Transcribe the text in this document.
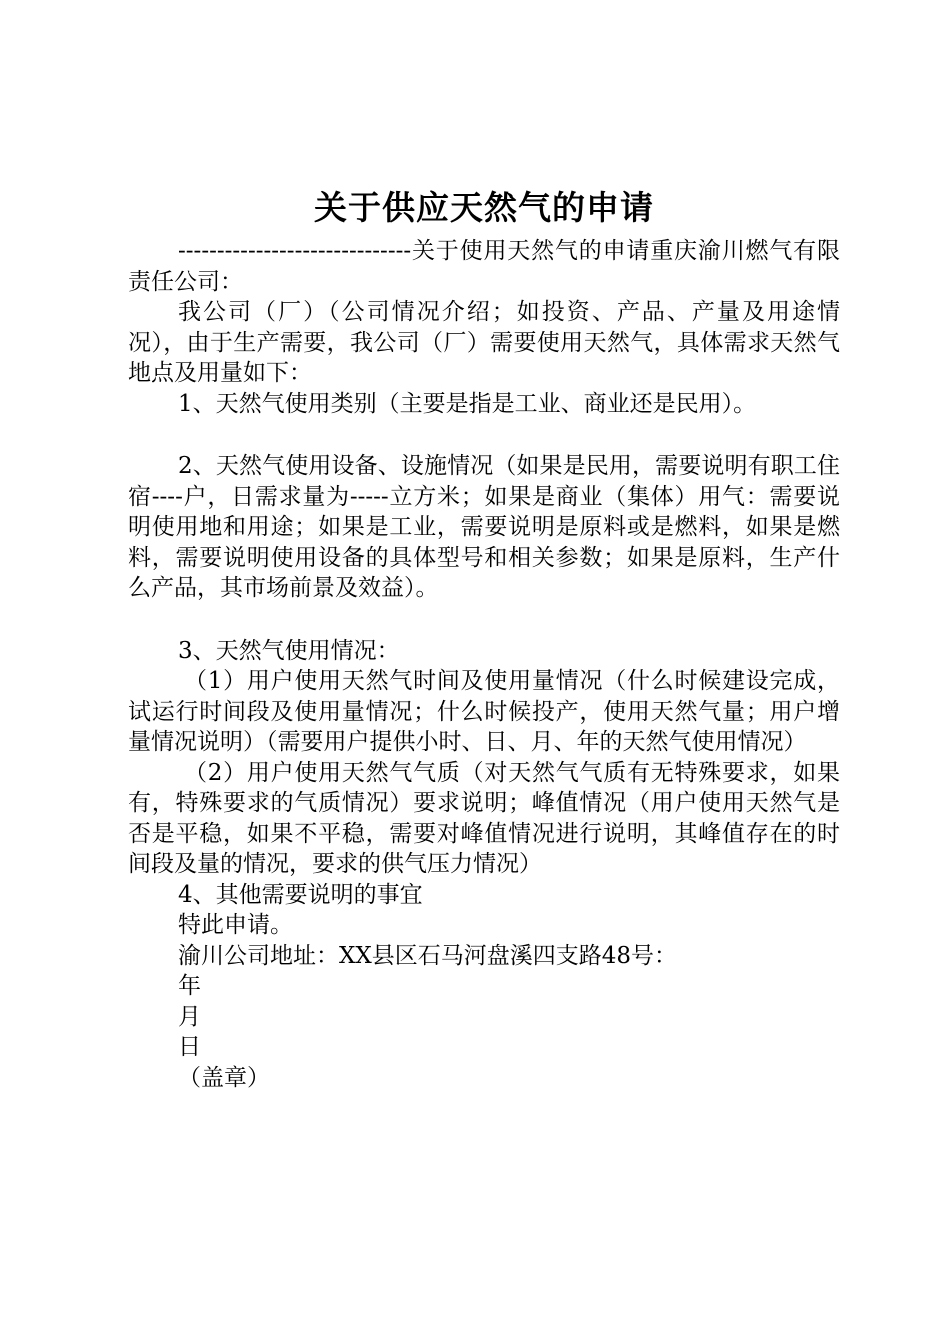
关于供应天然气的申请

------------------------------关于使用天然气的申请重庆渝川燃气有限责任公司：

我公司（厂）（公司情况介绍；如投资、产品、产量及用途情况），由于生产需要，我公司（厂）需要使用天然气，具体需求天然气地点及用量如下：

1、天然气使用类别（主要是指是工业、商业还是民用）。

2、天然气使用设备、设施情况（如果是民用，需要说明有职工住宿----户，日需求量为-----立方米；如果是商业（集体）用气：需要说明使用地和用途；如果是工业，需要说明是原料或是燃料，如果是燃料，需要说明使用设备的具体型号和相关参数；如果是原料，生产什么产品，其市场前景及效益）。

3、天然气使用情况：

（1）用户使用天然气时间及使用量情况（什么时候建设完成，试运行时间段及使用量情况；什么时候投产，使用天然气量；用户增量情况说明）（需要用户提供小时、日、月、年的天然气使用情况）

（2）用户使用天然气气质（对天然气气质有无特殊要求，如果有，特殊要求的气质情况）要求说明；峰值情况（用户使用天然气是否是平稳，如果不平稳，需要对峰值情况进行说明，其峰值存在的时间段及量的情况，要求的供气压力情况）

4、其他需要说明的事宜

特此申请。

渝川公司地址：XX县区石马河盘溪四支路48号：

年

月

日

（盖章）
